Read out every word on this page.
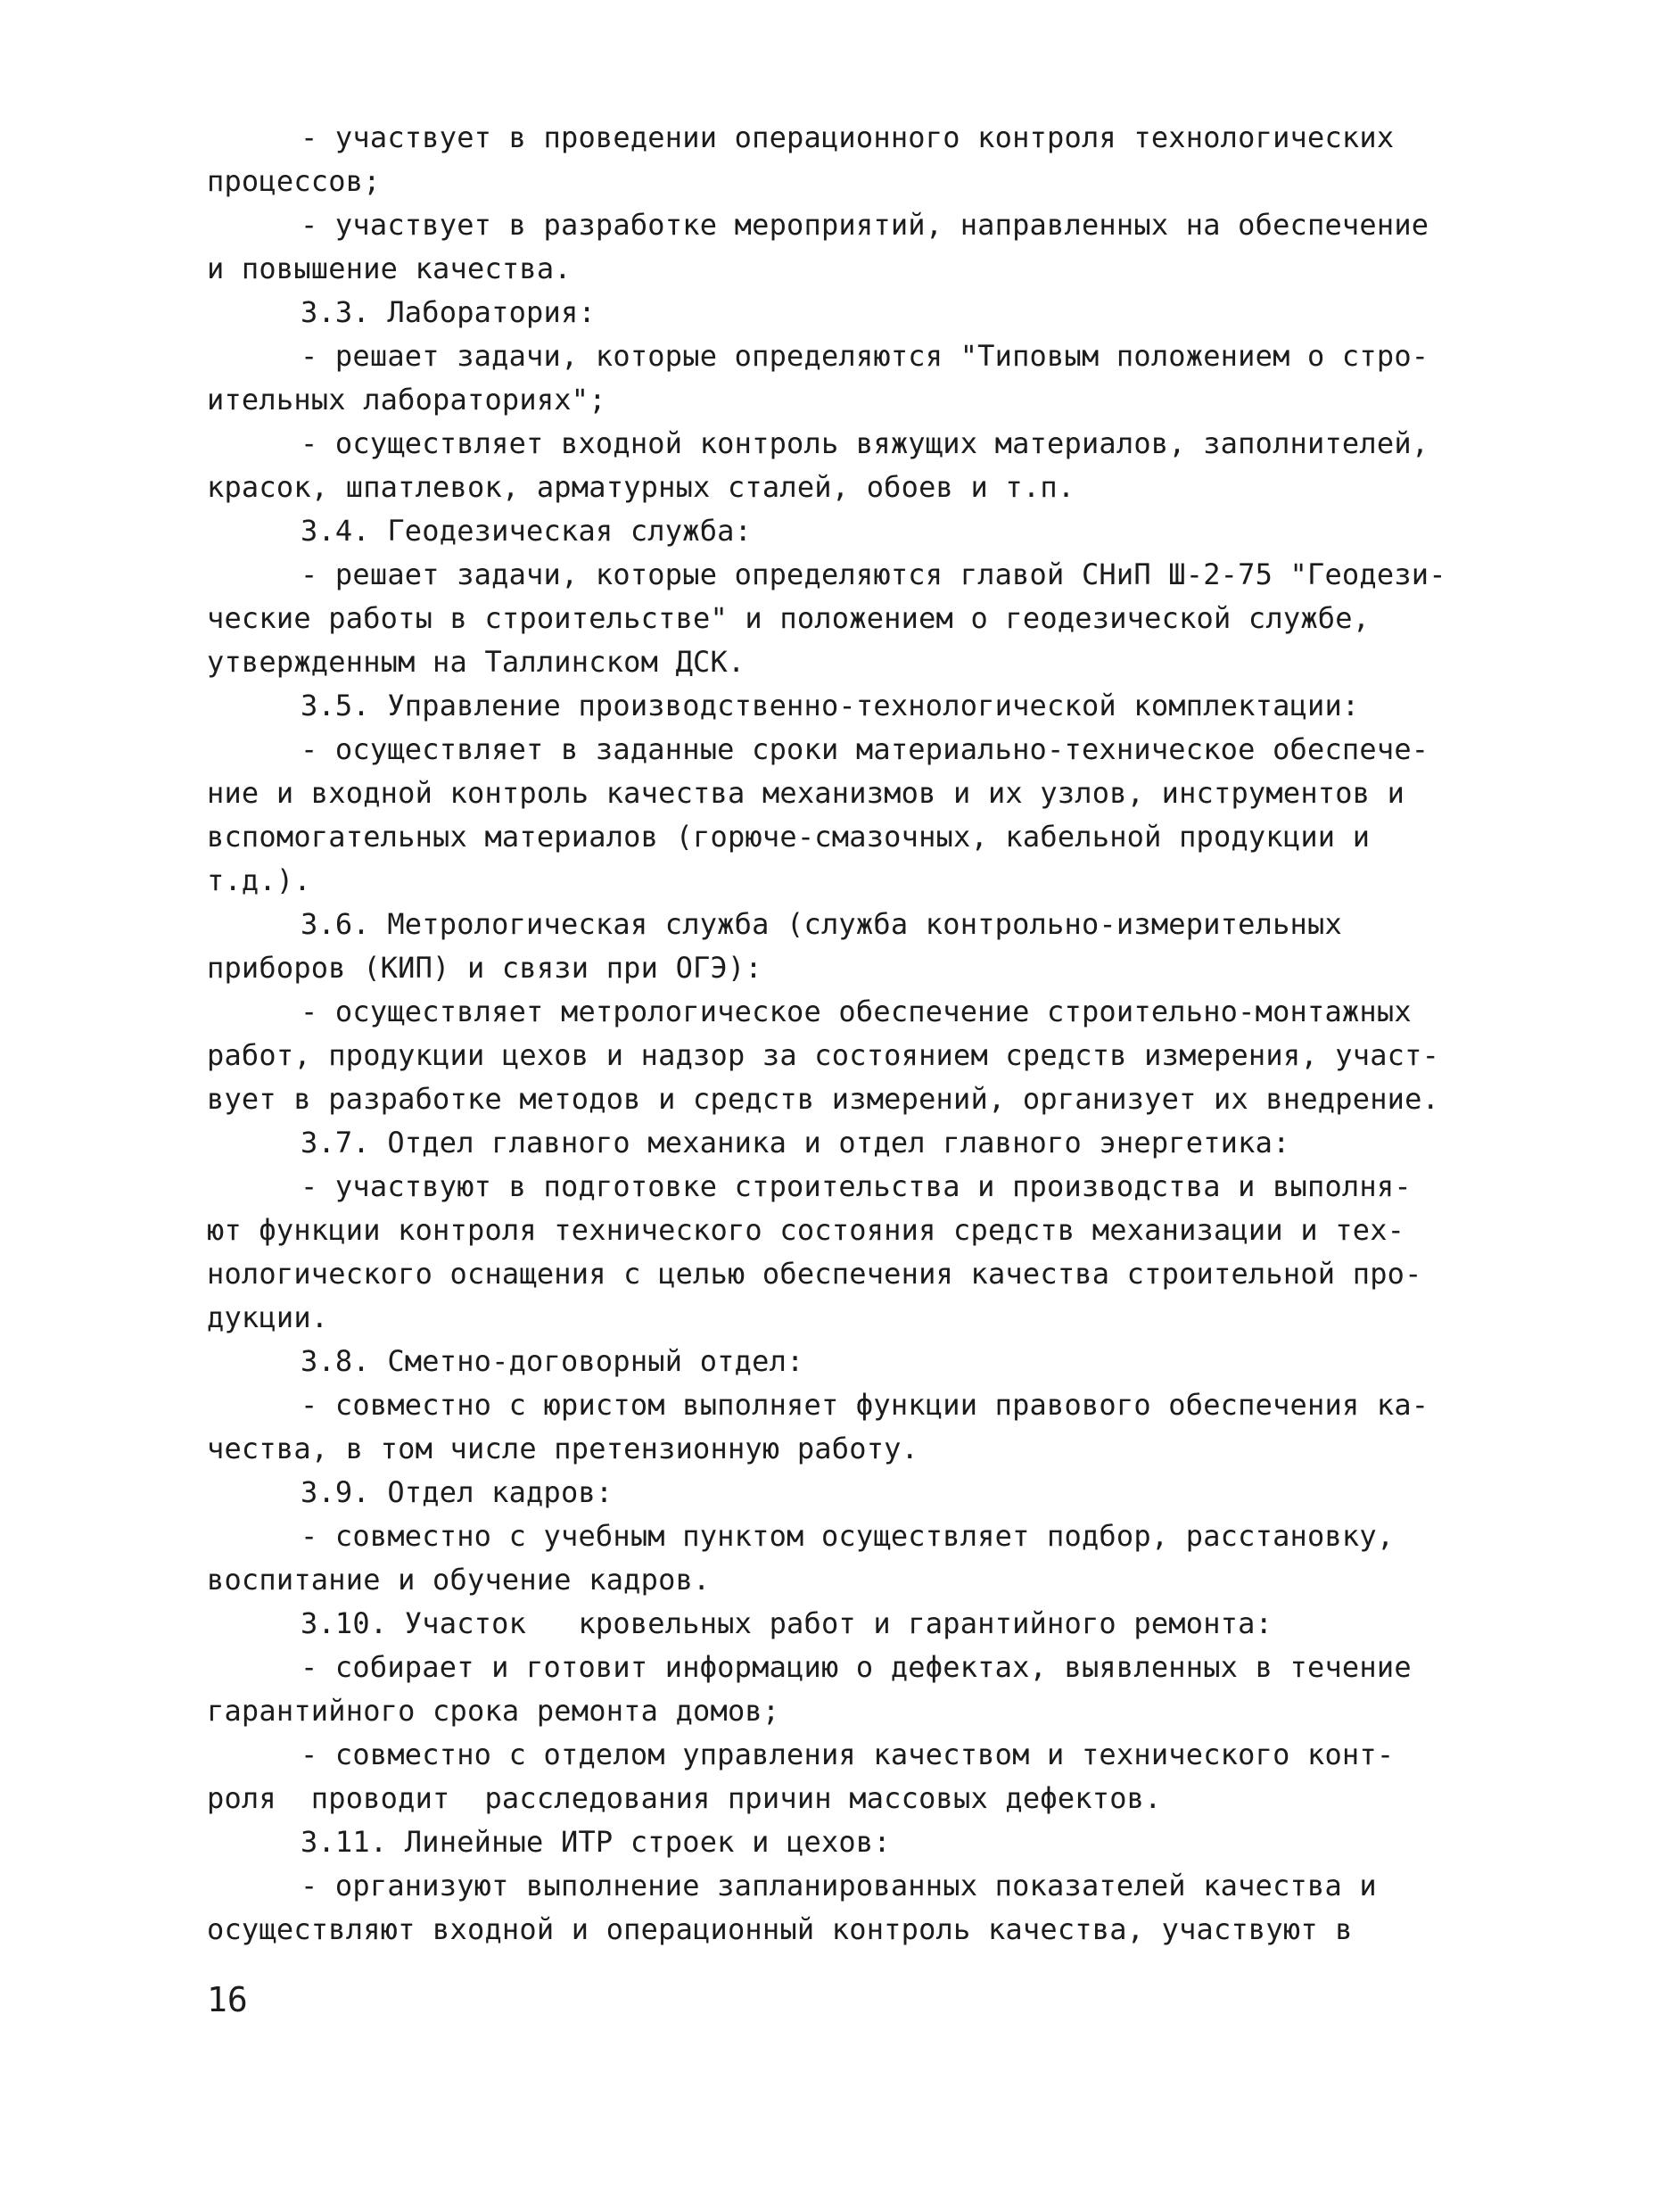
- участвует в проведении операционного контроля технологических
процессов;
- участвует в разработке мероприятий, направленных на обеспечение
и повышение качества.
3.3. Лаборатория:
- решает задачи, которые определяются "Типовым положением о стро-
ительных лабораториях";
- осуществляет входной контроль вяжущих материалов, заполнителей,
красок, шпатлевок, арматурных сталей, обоев и т.п.
3.4. Геодезическая служба:
- решает задачи, которые определяются главой СНиП Ш-2-75 "Геодези-
ческие работы в строительстве" и положением о геодезической службе,
утвержденным на Таллинском ДСК.
3.5. Управление производственно-технологической комплектации:
- осуществляет в заданные сроки материально-техническое обеспече-
ние и входной контроль качества механизмов и их узлов, инструментов и
вспомогательных материалов (горюче-смазочных, кабельной продукции и
т.д.).
3.6. Метрологическая служба (служба контрольно-измерительных
приборов (КИП) и связи при ОГЭ):
- осуществляет метрологическое обеспечение строительно-монтажных
работ, продукции цехов и надзор за состоянием средств измерения, участ-
вует в разработке методов и средств измерений, организует их внедрение.
3.7. Отдел главного механика и отдел главного энергетика:
- участвуют в подготовке строительства и производства и выполня-
ют функции контроля технического состояния средств механизации и тех-
нологического оснащения с целью обеспечения качества строительной про-
дукции.
3.8. Сметно-договорный отдел:
- совместно с юристом выполняет функции правового обеспечения ка-
чества, в том числе претензионную работу.
3.9. Отдел кадров:
- совместно с учебным пунктом осуществляет подбор, расстановку,
воспитание и обучение кадров.
3.10. Участок   кровельных работ и гарантийного ремонта:
- собирает и готовит информацию о дефектах, выявленных в течение
гарантийного срока ремонта домов;
- совместно с отделом управления качеством и технического конт-
роля  проводит  расследования причин массовых дефектов.
3.11. Линейные ИТР строек и цехов:
- организуют выполнение запланированных показателей качества и
осуществляют входной и операционный контроль качества, участвуют в
16
